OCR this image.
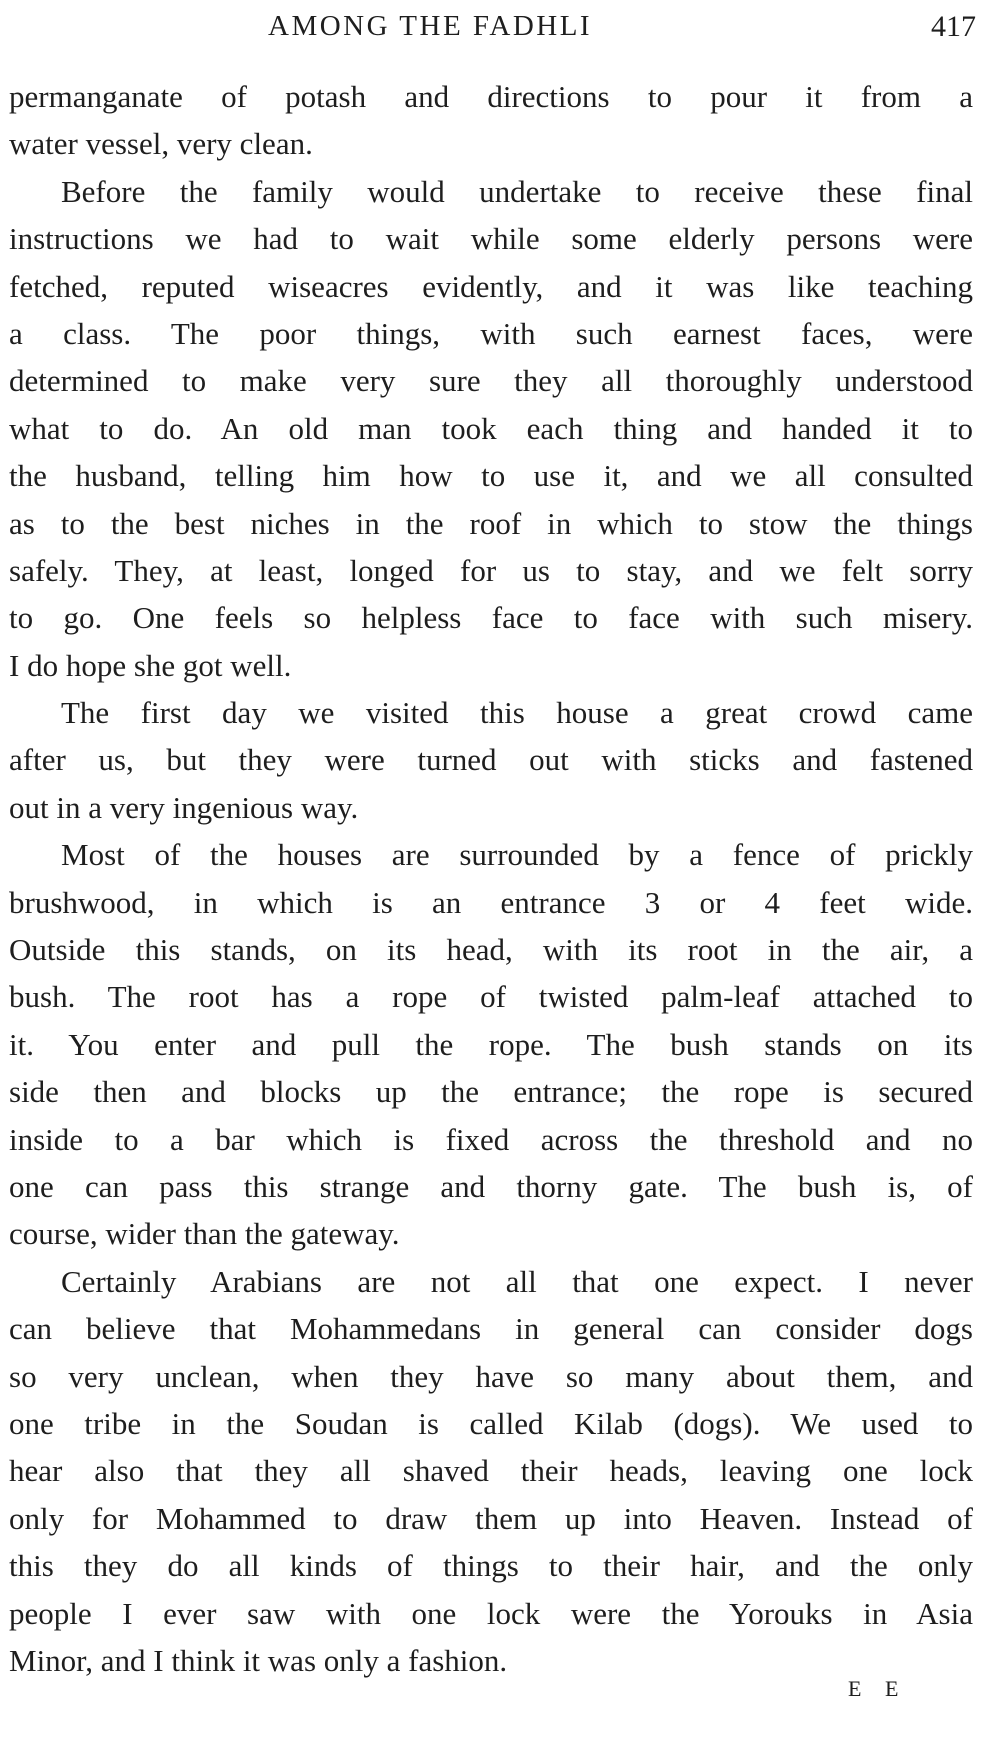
AMONG THE FADHLI	417
permanganate of potash and directions to pour it from a
water vessel, very clean.
Before the family would undertake to receive these final
instructions we had to wait while some elderly persons were
fetched, reputed wiseacres evidently, and it was like teaching
a class. The poor things, with such earnest faces, were
determined to make very sure they all thoroughly understood
what to do. An old man took each thing and handed it to
the husband, telling him how to use it, and we all consulted
as to the best niches in the roof in which to stow the things
safely. They, at least, longed for us to stay, and we felt sorry
to go. One feels so helpless face to face with such misery.
I do hope she got well.
The first day we visited this house a great crowd came
after us, but they were turned out with sticks and fastened
out in a very ingenious way.
Most of the houses are surrounded by a fence of prickly
brushwood, in which is an entrance 3 or 4 feet wide.
Outside this stands, on its head, with its root in the air, a
bush. The root has a rope of twisted palm-leaf attached to
it. You enter and pull the rope. The bush stands on its
side then and blocks up the entrance; the rope is secured
inside to a bar which is fixed across the threshold and no
one can pass this strange and thorny gate. The bush is, of
course, wider than the gateway.
Certainly Arabians are not all that one expect. I never
can believe that Mohammedans in general can consider dogs
so very unclean, when they have so many about them, and
one tribe in the Soudan is called Kilab (dogs). We used to
hear also that they all shaved their heads, leaving one lock
only for Mohammed to draw them up into Heaven. Instead of
this they do all kinds of things to their hair, and the only
people I ever saw with one lock were the Yorouks in Asia
Minor, and I think it was only a fashion.
E E
